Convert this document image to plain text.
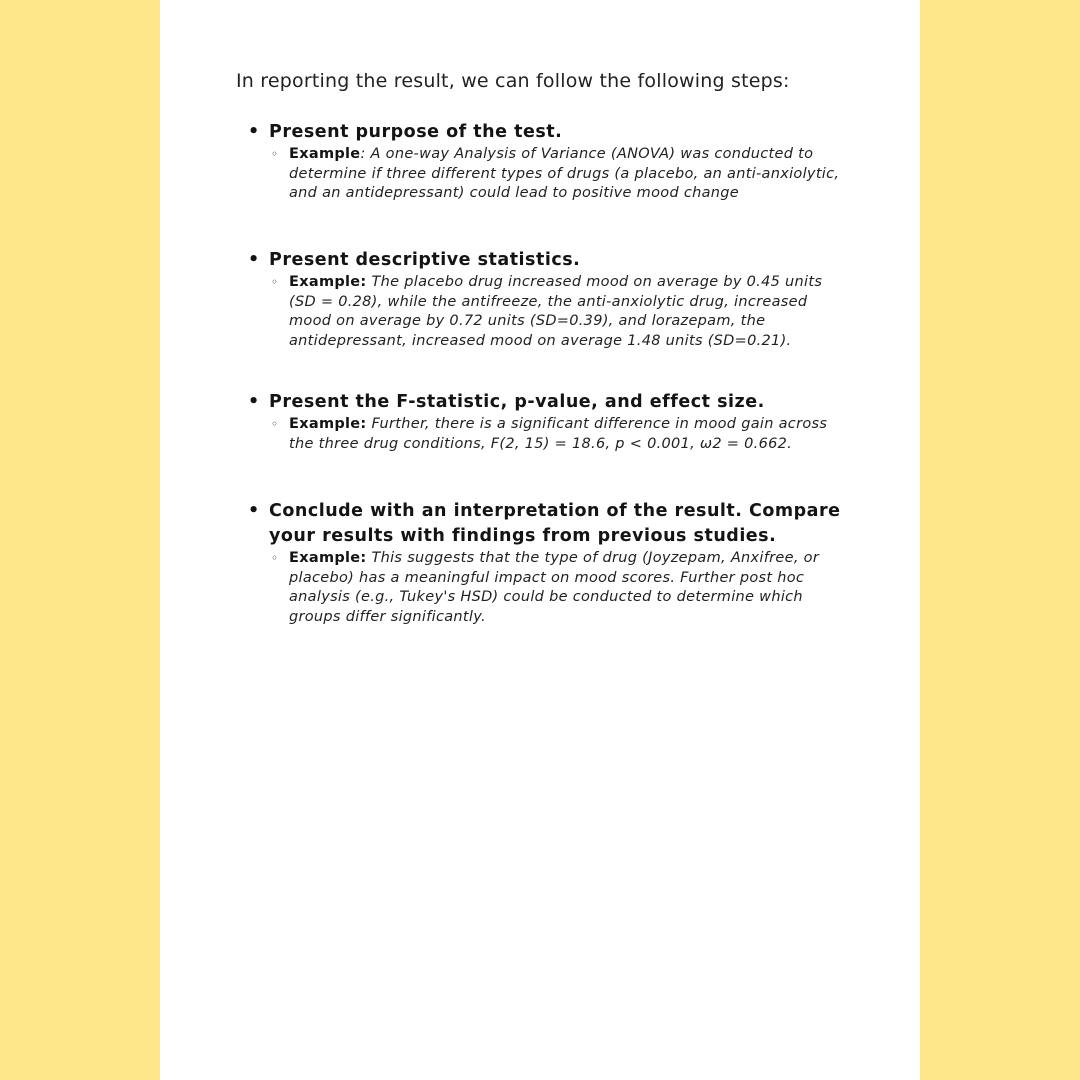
In reporting the result, we can follow the following steps:

• Present purpose of the test.

◦ Example: A one-way Analysis of Variance (ANOVA) was conducted to determine if three different types of drugs (a placebo, an anti-anxiolytic, and an antidepressant) could lead to positive mood change

• Present descriptive statistics.

◦ Example: The placebo drug increased mood on average by 0.45 units (SD = 0.28), while the antifreeze, the anti-anxiolytic drug, increased mood on average by 0.72 units (SD=0.39), and lorazepam, the antidepressant, increased mood on average 1.48 units (SD=0.21).

• Present the F-statistic, p-value, and effect size.

◦ Example: Further, there is a significant difference in mood gain across the three drug conditions, F(2, 15) = 18.6, p < 0.001, ω2 = 0.662.

• Conclude with an interpretation of the result. Compare your results with findings from previous studies.

◦ Example: This suggests that the type of drug (Joyzepam, Anxifree, or placebo) has a meaningful impact on mood scores. Further post hoc analysis (e.g., Tukey's HSD) could be conducted to determine which groups differ significantly.
